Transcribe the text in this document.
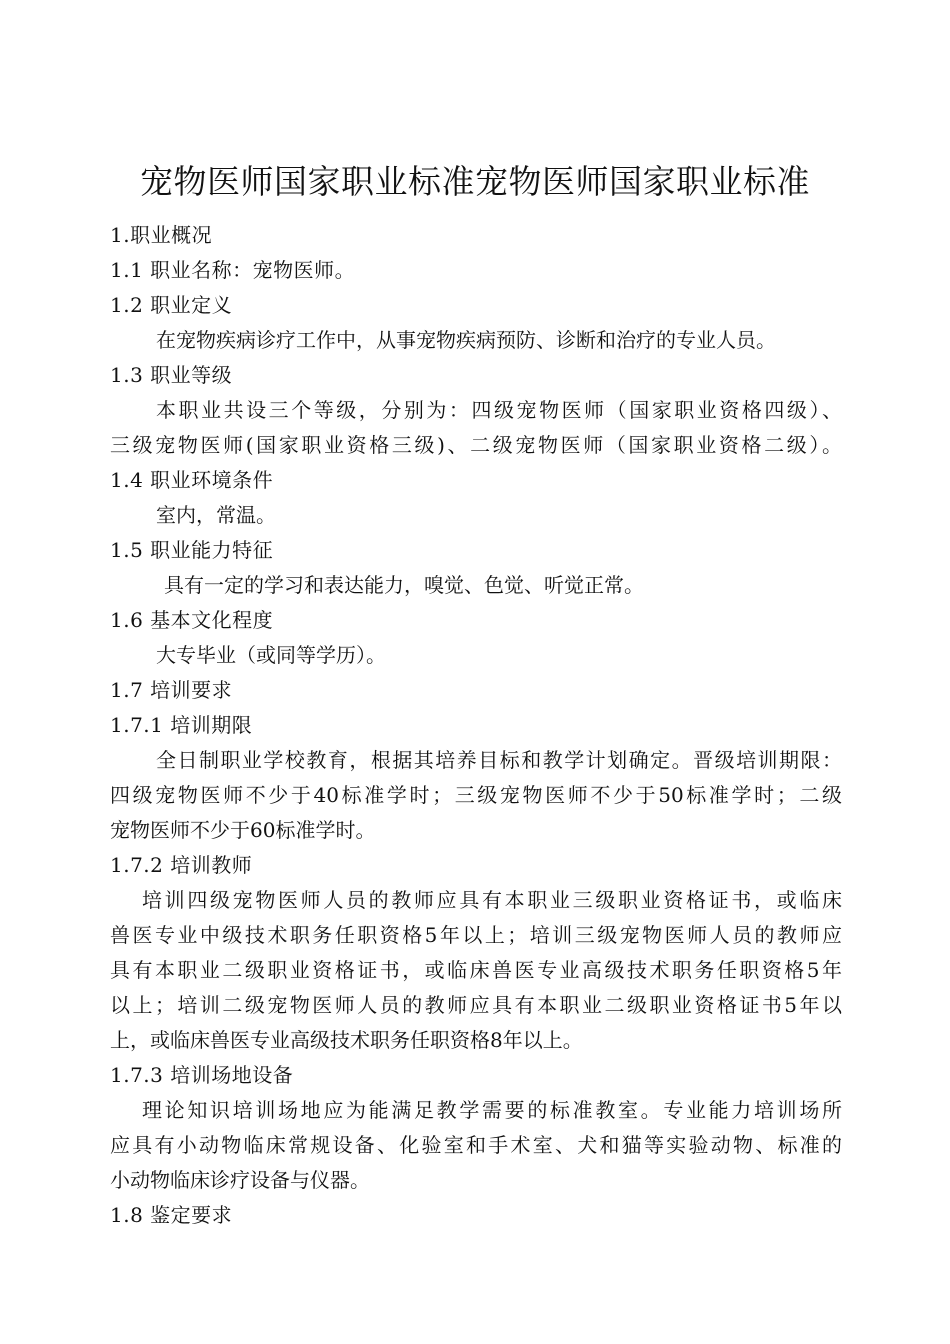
宠物医师国家职业标准宠物医师国家职业标准
1.职业概况
1.1 职业名称：宠物医师。
1.2 职业定义
在宠物疾病诊疗工作中，从事宠物疾病预防、诊断和治疗的专业人员。
1.3 职业等级
本职业共设三个等级，分别为：四级宠物医师（国家职业资格四级）、
三级宠物医师(国家职业资格三级)、二级宠物医师（国家职业资格二级）。
1.4 职业环境条件
室内，常温。
1.5 职业能力特征
具有一定的学习和表达能力，嗅觉、色觉、听觉正常。
1.6 基本文化程度
大专毕业（或同等学历）。
1.7 培训要求
1.7.1 培训期限
全日制职业学校教育，根据其培养目标和教学计划确定。晋级培训期限：
四级宠物医师不少于40标准学时；三级宠物医师不少于50标准学时；二级
宠物医师不少于60标准学时。
1.7.2 培训教师
培训四级宠物医师人员的教师应具有本职业三级职业资格证书，或临床
兽医专业中级技术职务任职资格5年以上；培训三级宠物医师人员的教师应
具有本职业二级职业资格证书，或临床兽医专业高级技术职务任职资格5年
以上；培训二级宠物医师人员的教师应具有本职业二级职业资格证书5年以
上，或临床兽医专业高级技术职务任职资格8年以上。
1.7.3 培训场地设备
理论知识培训场地应为能满足教学需要的标准教室。专业能力培训场所
应具有小动物临床常规设备、化验室和手术室、犬和猫等实验动物、标准的
小动物临床诊疗设备与仪器。
1.8 鉴定要求
